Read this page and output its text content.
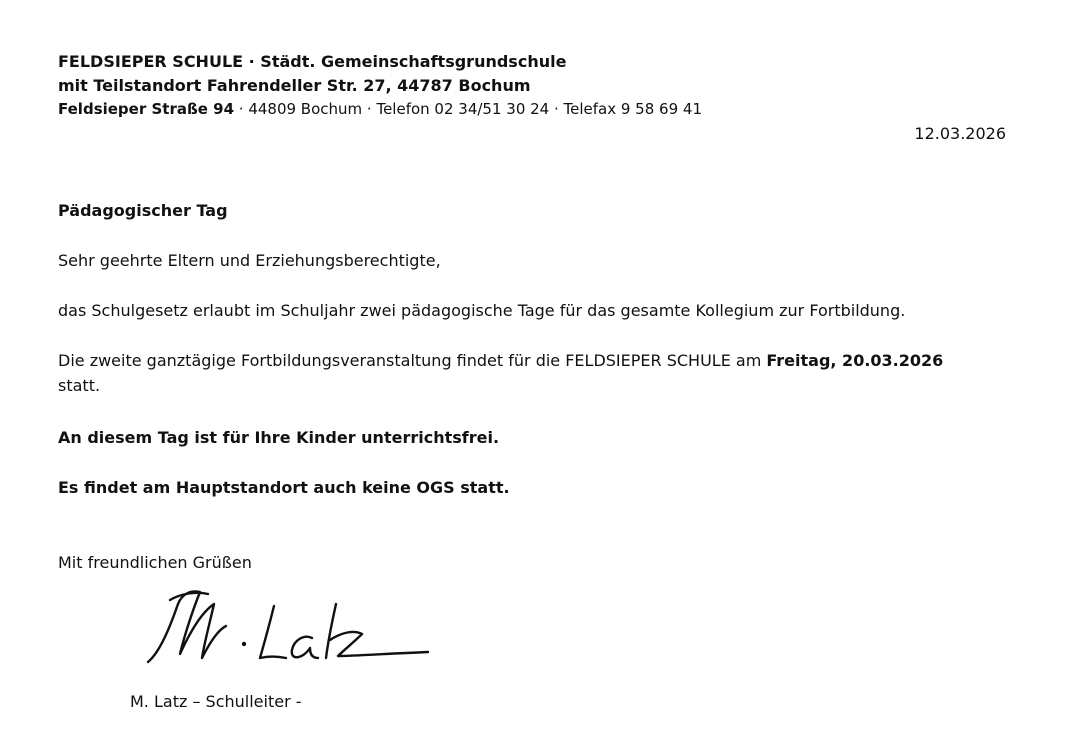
FELDSIEPER SCHULE · Städt. Gemeinschaftsgrundschule
mit Teilstandort Fahrendeller Str. 27, 44787 Bochum
Feldsieper Straße 94 · 44809 Bochum · Telefon 02 34/51 30 24 · Telefax 9 58 69 41
12.03.2026
Pädagogischer Tag
Sehr geehrte Eltern und Erziehungsberechtigte,
das Schulgesetz erlaubt im Schuljahr zwei pädagogische Tage für das gesamte Kollegium zur Fortbildung.
Die zweite ganztägige Fortbildungsveranstaltung findet für die FELDSIEPER SCHULE am Freitag, 20.03.2026
statt.
An diesem Tag ist für Ihre Kinder unterrichtsfrei.
Es findet am Hauptstandort auch keine OGS statt.
Mit freundlichen Grüßen
M. Latz – Schulleiter -
